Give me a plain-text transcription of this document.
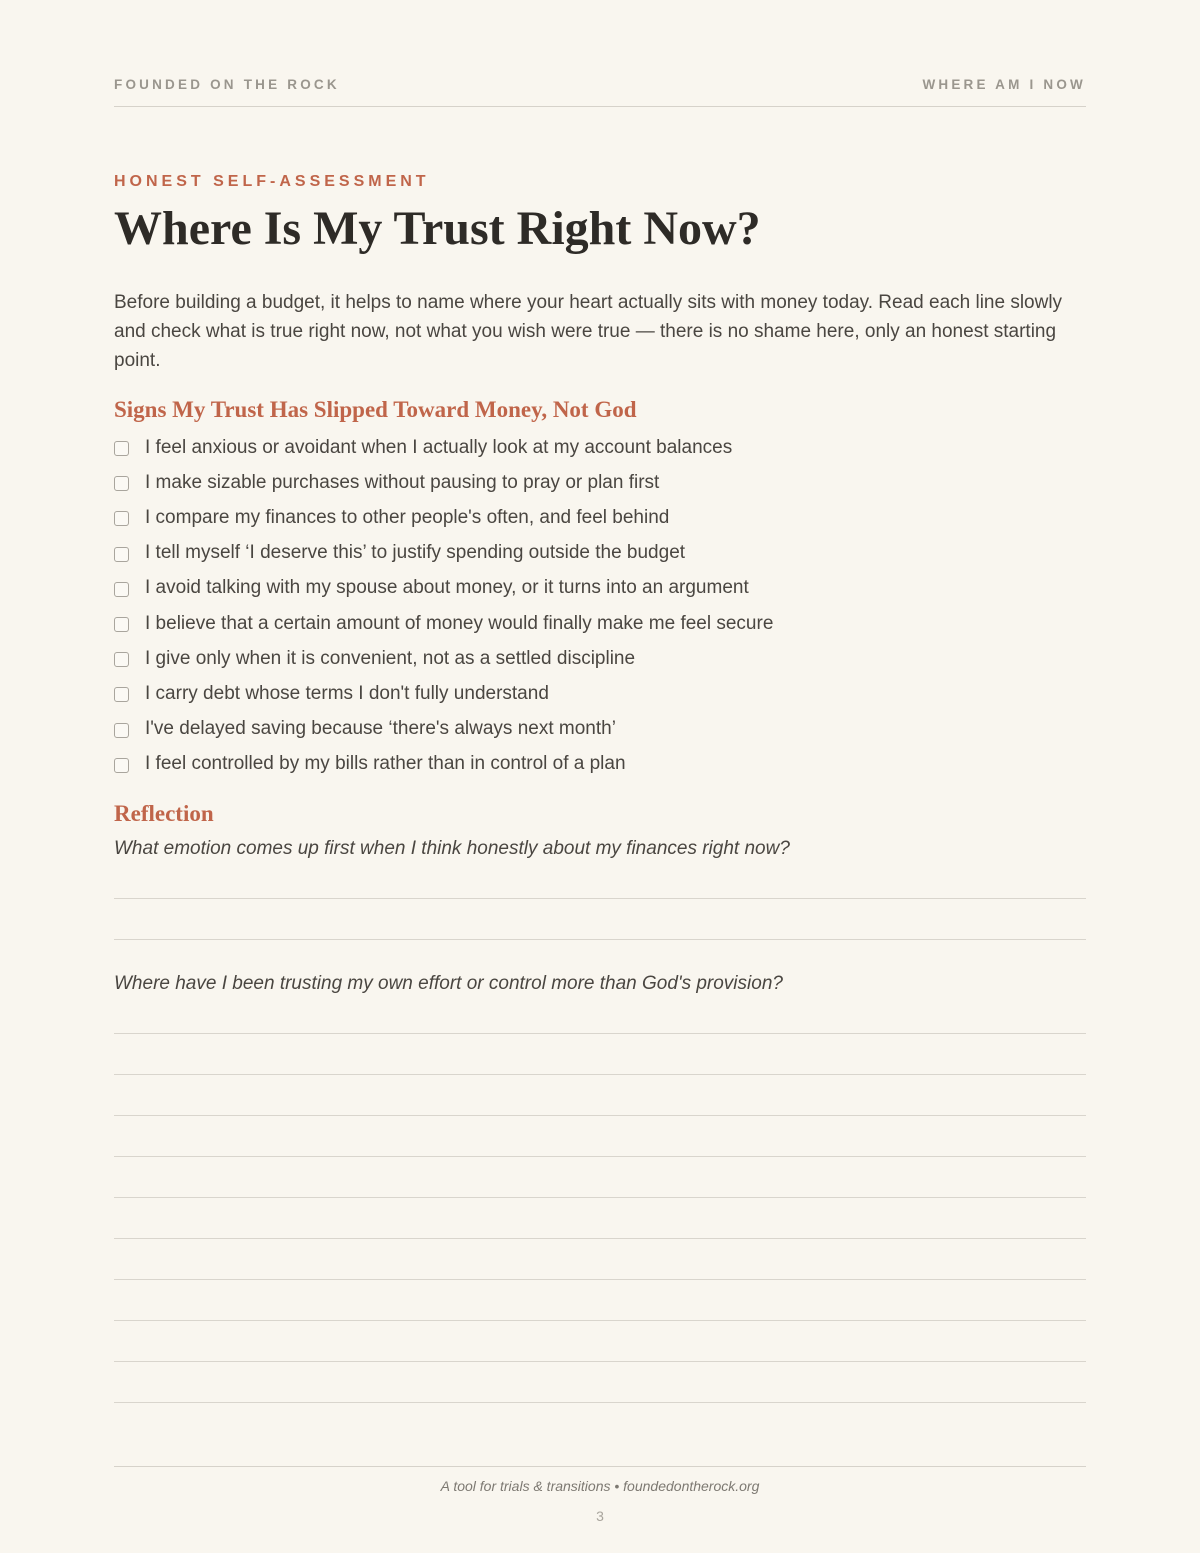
FOUNDED ON THE ROCK	WHERE AM I NOW
HONEST SELF-ASSESSMENT
Where Is My Trust Right Now?

Before building a budget, it helps to name where your heart actually sits with money today. Read each line slowly and check what is true right now, not what you wish were true — there is no shame here, only an honest starting point.

Signs My Trust Has Slipped Toward Money, Not God
I feel anxious or avoidant when I actually look at my account balances
I make sizable purchases without pausing to pray or plan first
I compare my finances to other people's often, and feel behind
I tell myself ‘I deserve this’ to justify spending outside the budget
I avoid talking with my spouse about money, or it turns into an argument
I believe that a certain amount of money would finally make me feel secure
I give only when it is convenient, not as a settled discipline
I carry debt whose terms I don't fully understand
I've delayed saving because ‘there's always next month’
I feel controlled by my bills rather than in control of a plan
Reflection

What emotion comes up first when I think honestly about my finances right now?

Where have I been trusting my own effort or control more than God's provision?

A tool for trials & transitions • foundedontherock.org
3
